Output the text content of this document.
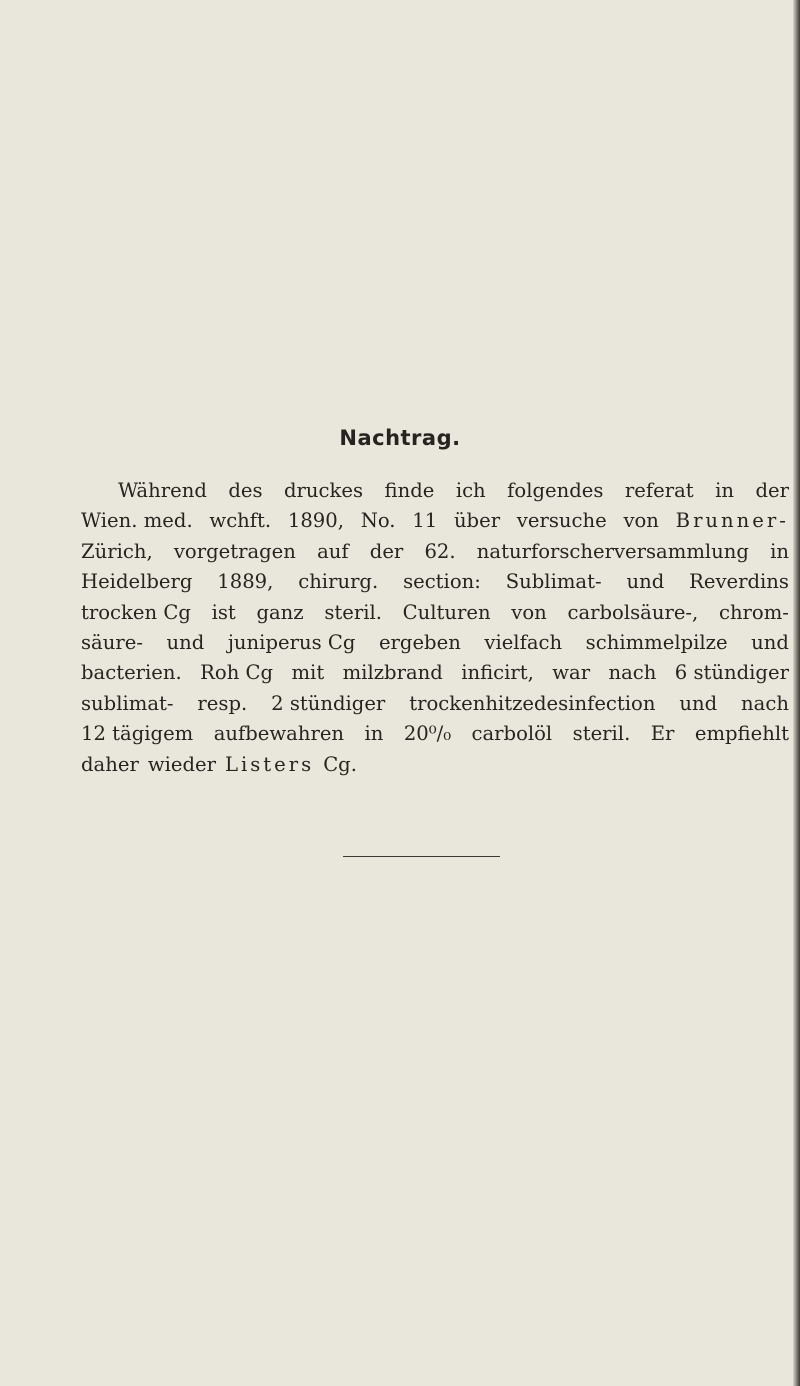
Nachtrag.
Während des druckes finde ich folgendes referat in der
Wien. med. wchft. 1890, No. 11 über versuche von Brunner-
Zürich, vorgetragen auf der 62. naturforscherversammlung in
Heidelberg 1889, chirurg. section: Sublimat- und Reverdins
trocken Cg ist ganz steril. Culturen von carbolsäure-, chrom-
säure- und juniperus Cg ergeben vielfach schimmelpilze und
bacterien. Roh Cg mit milzbrand inficirt, war nach 6 stündiger
sublimat- resp. 2 stündiger trockenhitzedesinfection und nach
12 tägigem aufbewahren in 20⁰/₀ carbolöl steril. Er empfiehlt
daher wieder Listers Cg.
